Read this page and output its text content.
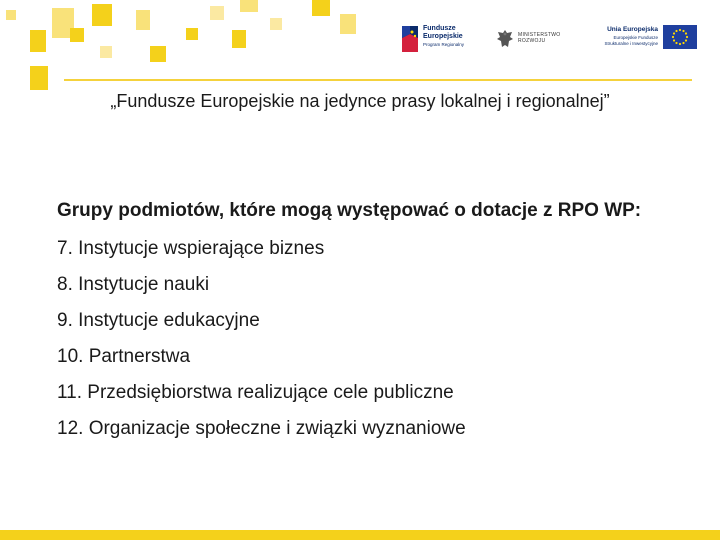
Fundusze
Europejskie
Program Regionalny
MINISTERSTWO
ROZWOJU
Unia Europejska
Europejskie Fundusze
Strukturalne i Inwestycyjne
„Fundusze Europejskie na jedynce prasy lokalnej i regionalnej”
Grupy podmiotów, które mogą występować o dotacje z RPO WP:
7. Instytucje wspierające biznes
8. Instytucje nauki
9. Instytucje edukacyjne
10. Partnerstwa
11. Przedsiębiorstwa realizujące cele publiczne
12. Organizacje społeczne i związki wyznaniowe
